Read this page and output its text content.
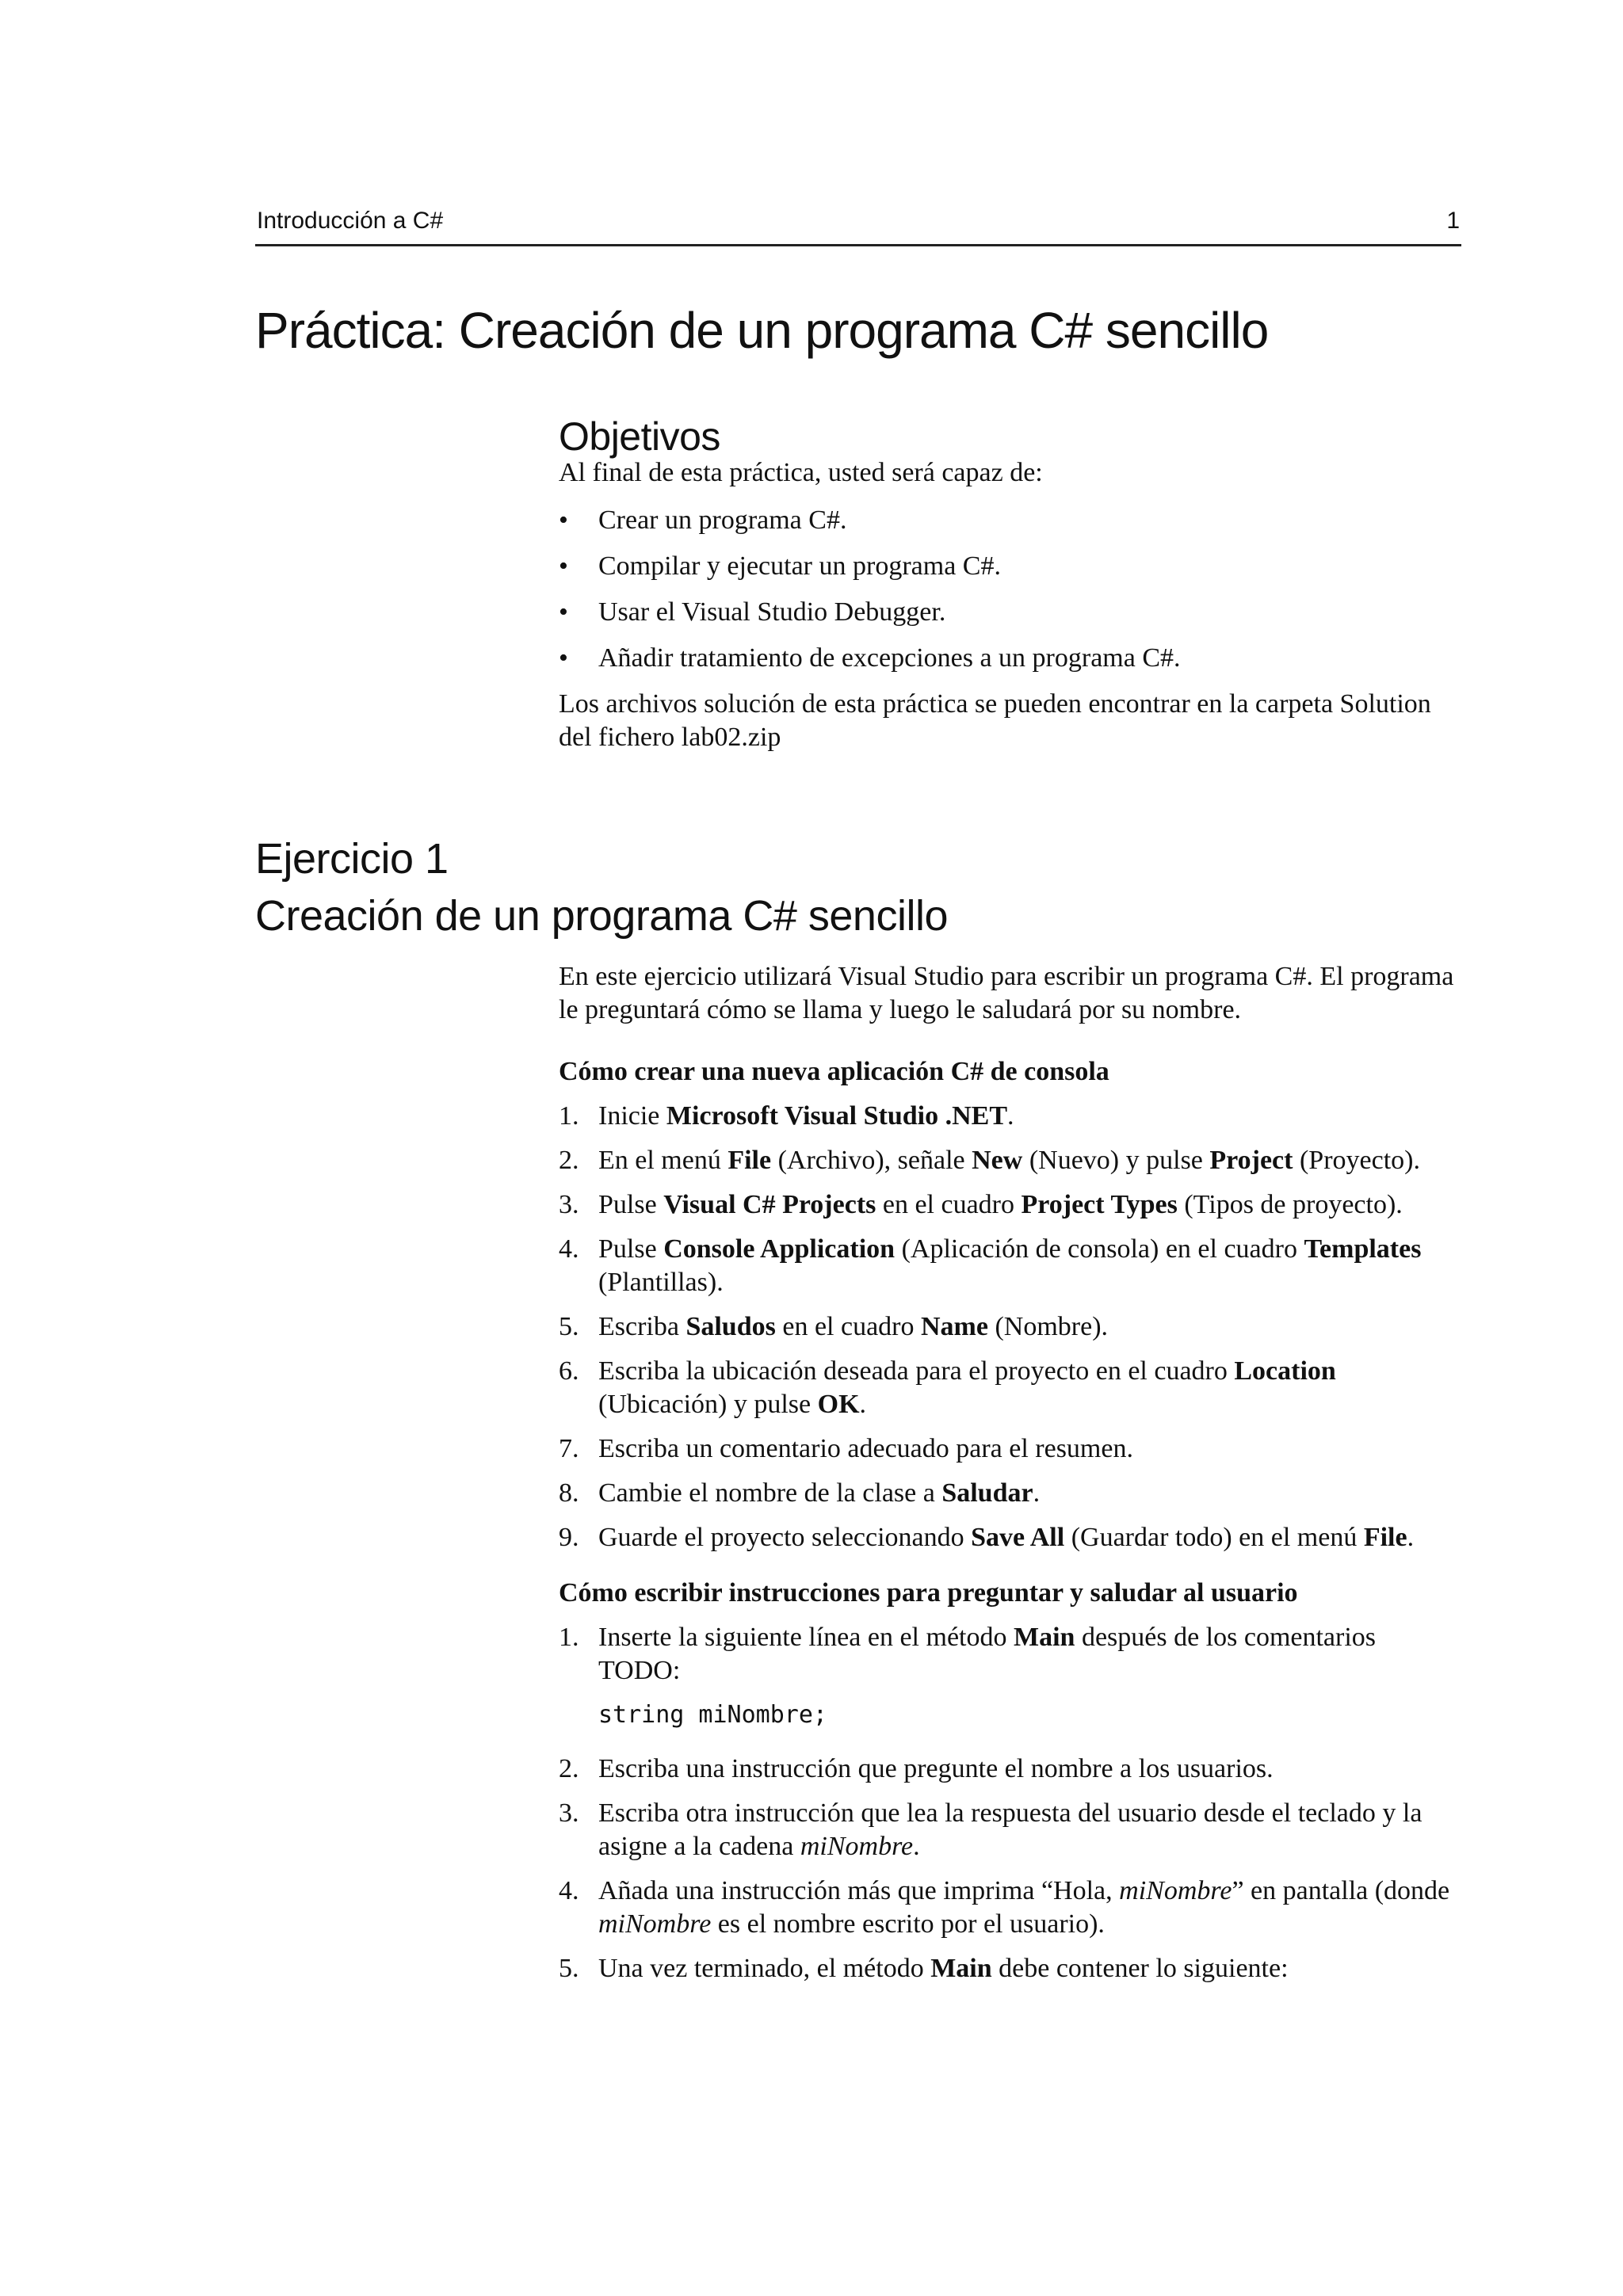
Introducción a C#	1
Práctica: Creación de un programa C# sencillo
Objetivos

Al final de esta práctica, usted será capaz de:

• Crear un programa C#.
• Compilar y ejecutar un programa C#.
• Usar el Visual Studio Debugger.
• Añadir tratamiento de excepciones a un programa C#.

Los archivos solución de esta práctica se pueden encontrar en la carpeta Solution del fichero lab02.zip

Ejercicio 1
Creación de un programa C# sencillo

En este ejercicio utilizará Visual Studio para escribir un programa C#. El programa le preguntará cómo se llama y luego le saludará por su nombre.

Cómo crear una nueva aplicación C# de consola

1. Inicie Microsoft Visual Studio .NET.
2. En el menú File (Archivo), señale New (Nuevo) y pulse Project (Proyecto).
3. Pulse Visual C# Projects en el cuadro Project Types (Tipos de proyecto).
4. Pulse Console Application (Aplicación de consola) en el cuadro Templates (Plantillas).
5. Escriba Saludos en el cuadro Name (Nombre).
6. Escriba la ubicación deseada para el proyecto en el cuadro Location (Ubicación) y pulse OK.
7. Escriba un comentario adecuado para el resumen.
8. Cambie el nombre de la clase a Saludar.
9. Guarde el proyecto seleccionando Save All (Guardar todo) en el menú File.

Cómo escribir instrucciones para preguntar y saludar al usuario

1. Inserte la siguiente línea en el método Main después de los comentarios TODO:
string miNombre;
2. Escriba una instrucción que pregunte el nombre a los usuarios.
3. Escriba otra instrucción que lea la respuesta del usuario desde el teclado y la asigne a la cadena miNombre.
4. Añada una instrucción más que imprima “Hola, miNombre” en pantalla (donde miNombre es el nombre escrito por el usuario).
5. Una vez terminado, el método Main debe contener lo siguiente:
